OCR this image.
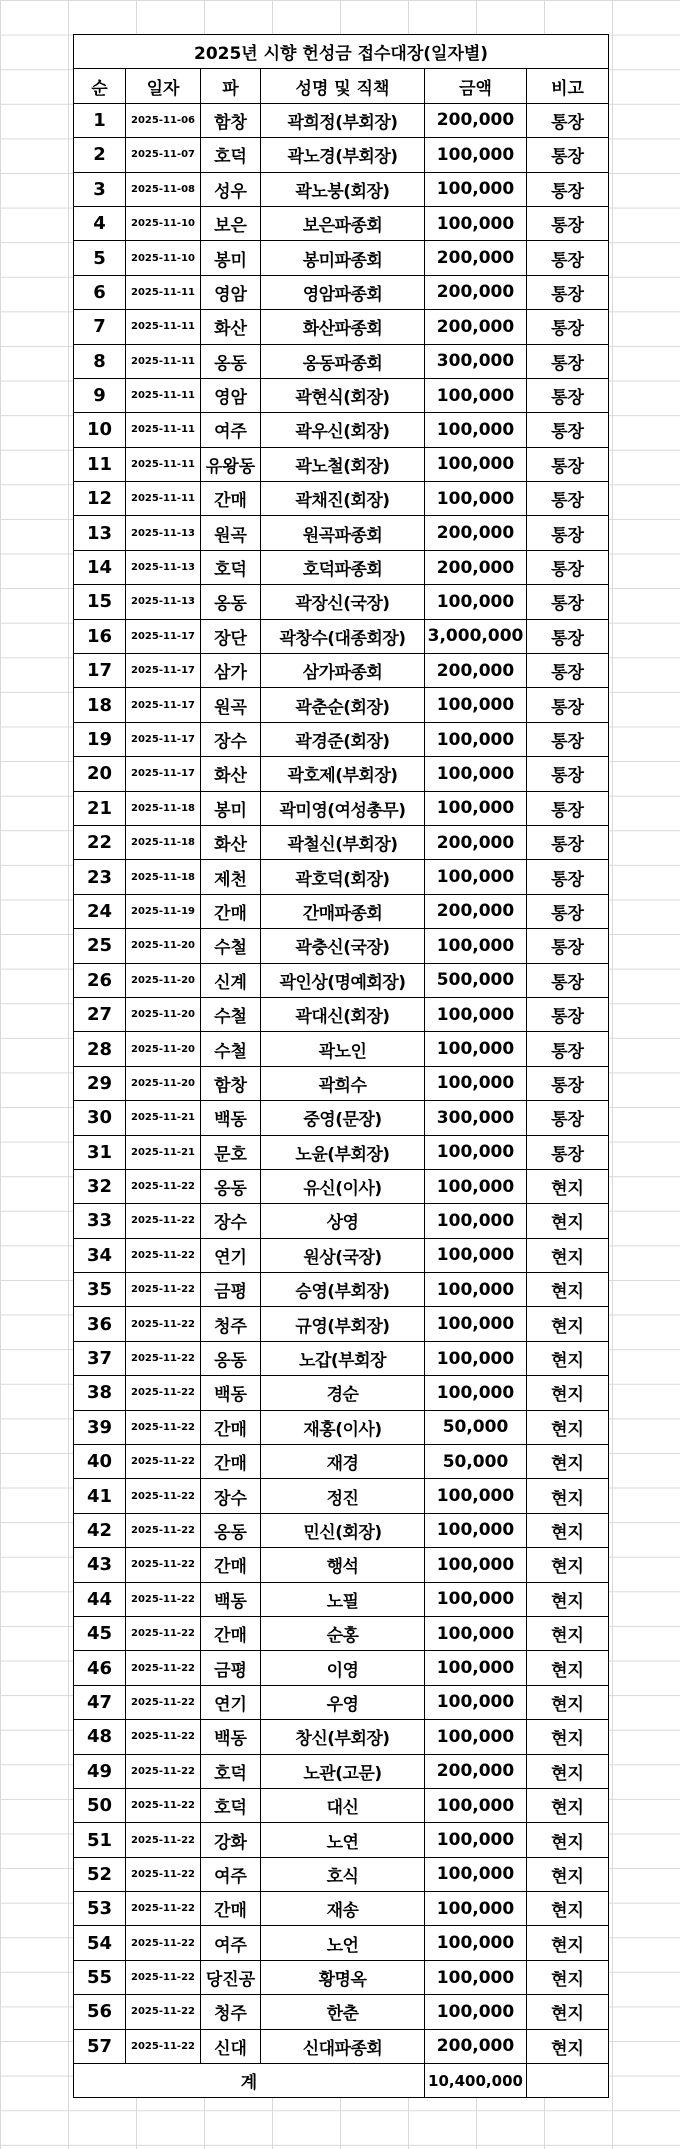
2025년 시향 헌성금 접수대장(일자별)					
순	일자	파	성명 및 직책	금액	비고
1	2025-11-06	함창	곽희정(부회장)	200,000	통장
2	2025-11-07	호덕	곽노경(부회장)	100,000	통장
3	2025-11-08	성우	곽노붕(회장)	100,000	통장
4	2025-11-10	보은	보은파종회	100,000	통장
5	2025-11-10	봉미	봉미파종회	200,000	통장
6	2025-11-11	영암	영암파종회	200,000	통장
7	2025-11-11	화산	화산파종회	200,000	통장
8	2025-11-11	옹동	옹동파종회	300,000	통장
9	2025-11-11	영암	곽현식(회장)	100,000	통장
10	2025-11-11	여주	곽우신(회장)	100,000	통장
11	2025-11-11	유왕동	곽노철(회장)	100,000	통장
12	2025-11-11	간매	곽채진(회장)	100,000	통장
13	2025-11-13	원곡	원곡파종회	200,000	통장
14	2025-11-13	호덕	호덕파종회	200,000	통장
15	2025-11-13	옹동	곽장신(국장)	100,000	통장
16	2025-11-17	장단	곽창수(대종회장)	3,000,000	통장
17	2025-11-17	삼가	삼가파종회	200,000	통장
18	2025-11-17	원곡	곽춘순(회장)	100,000	통장
19	2025-11-17	장수	곽경준(회장)	100,000	통장
20	2025-11-17	화산	곽호제(부회장)	100,000	통장
21	2025-11-18	봉미	곽미영(여성총무)	100,000	통장
22	2025-11-18	화산	곽철신(부회장)	200,000	통장
23	2025-11-18	제천	곽호덕(회장)	100,000	통장
24	2025-11-19	간매	간매파종회	200,000	통장
25	2025-11-20	수철	곽충신(국장)	100,000	통장
26	2025-11-20	신계	곽인상(명예회장)	500,000	통장
27	2025-11-20	수철	곽대신(회장)	100,000	통장
28	2025-11-20	수철	곽노인	100,000	통장
29	2025-11-20	함창	곽희수	100,000	통장
30	2025-11-21	백동	중영(문장)	300,000	통장
31	2025-11-21	문호	노윤(부회장)	100,000	통장
32	2025-11-22	옹동	유신(이사)	100,000	현지
33	2025-11-22	장수	상영	100,000	현지
34	2025-11-22	연기	원상(국장)	100,000	현지
35	2025-11-22	금평	승영(부회장)	100,000	현지
36	2025-11-22	청주	규영(부회장)	100,000	현지
37	2025-11-22	옹동	노갑(부회장	100,000	현지
38	2025-11-22	백동	경순	100,000	현지
39	2025-11-22	간매	재홍(이사)	50,000	현지
40	2025-11-22	간매	재경	50,000	현지
41	2025-11-22	장수	정진	100,000	현지
42	2025-11-22	옹동	민신(회장)	100,000	현지
43	2025-11-22	간매	행석	100,000	현지
44	2025-11-22	백동	노필	100,000	현지
45	2025-11-22	간매	순홍	100,000	현지
46	2025-11-22	금평	이영	100,000	현지
47	2025-11-22	연기	우영	100,000	현지
48	2025-11-22	백동	창신(부회장)	100,000	현지
49	2025-11-22	호덕	노관(고문)	200,000	현지
50	2025-11-22	호덕	대신	100,000	현지
51	2025-11-22	강화	노연	100,000	현지
52	2025-11-22	여주	호식	100,000	현지
53	2025-11-22	간매	재송	100,000	현지
54	2025-11-22	여주	노언	100,000	현지
55	2025-11-22	당진공	황명옥	100,000	현지
56	2025-11-22	청주	한춘	100,000	현지
57	2025-11-22	신대	신대파종회	200,000	현지
계				10,400,000	
